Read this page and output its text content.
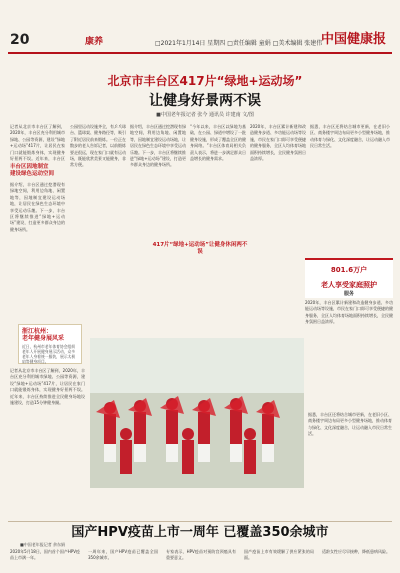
20	康养	□2021年1月14日 星期四 □责任编辑 童娟 □美术编辑 张建伟
中国健康报
北京市丰台区417片“绿地+运动场”
让健身好景两不误
■中国老年报记者 张今 通讯员 许建南 文/图
记者从北京市丰台区了解到，2020年，丰台区充分利用城市绿地、公园等资源，建设“绿地+运动场”417片，让居民在家门口就能锻炼身体，实现健身好景两不误。近年来，丰台区
丰台区因地制宜
建设绿色运动空间
据介绍，丰台区通过挖潜现有绿地空间，利用边角地、闲置地等，因地制宜建设运动场地，让居民在绿色生态环境中享受运动乐趣。下一步，丰台区将继续推进“绿地+运动场”建设，打造更多群众身边的健身场所。
公园里运动设施齐全，有乒乓球台、篮球架、健身路径等，吸引了附近居民前来锻炼。一位正在散步的老人告诉记者，以前锻炼要走很远，现在家门口就有运动场，既能欣赏美景又能健身，非常方便。
据介绍，丰台区通过挖潜现有绿地空间，利用边角地、闲置地等，因地制宜建设运动场地，让居民在绿色生态环境中享受运动乐趣。下一步，丰台区将继续推进“绿地+运动场”建设，打造更多群众身边的健身场所。
“今年以来，丰台区以绿地为基础，在公园、绿道中增设了一批健身设施，形成了覆盖全区的健身网络。”丰台区体育局相关负责人表示，将进一步满足群众日益增长的健身需求。
2020年，丰台区累计新建和改造健身步道、多功能运动场等设施，市民在家门口即可享受便捷的健身服务，全区人均体育场地面积持续增长，全民健身氛围日益浓厚。
据悉，丰台区还将结合城市更新，在老旧小区、商务楼宇周边布局更多小型健身场地，推动体育与绿化、文化深度融合，让运动融入市民日常生活。
417片“绿地+运动场”让健身休闲两不误
801.6万户
老人享受家庭照护
服务
2020年，丰台区累计新建和改造健身步道、多功能运动场等设施，市民在家门口即可享受便捷的健身服务，全区人均体育场地面积持续增长，全民健身氛围日益浓厚。
浙江杭州：
老年健身展风采
近日，杭州市老年体育协会组织老年人开展健身展示活动，众多老年人身着统一服装，展示太极扇等健身项目。
记者从北京市丰台区了解到，2020年，丰台区充分利用城市绿地、公园等资源，建设“绿地+运动场”417片，让居民在家门口就能锻炼身体，实现健身好景两不误。近年来，丰台区持续推进全民健身场地设施建设，打造15分钟健身圈。
据悉，丰台区还将结合城市更新，在老旧小区、商务楼宇周边布局更多小型健身场地，推动体育与绿化、文化深度融合，让运动融入市民日常生活。
国产HPV疫苗上市一周年 已覆盖350余城市
■中国老年报记者 余东娟
2020年5月18日，国内首个国产HPV疫苗上市满一年。
一周年来，国产HPV疫苗已覆盖全国350余城市。
专家表示，HPV疫苗对预防宫颈癌具有重要意义。
国产疫苗上市有效缓解了供应紧张的局面。
适龄女性应尽早接种，降低患病风险。
